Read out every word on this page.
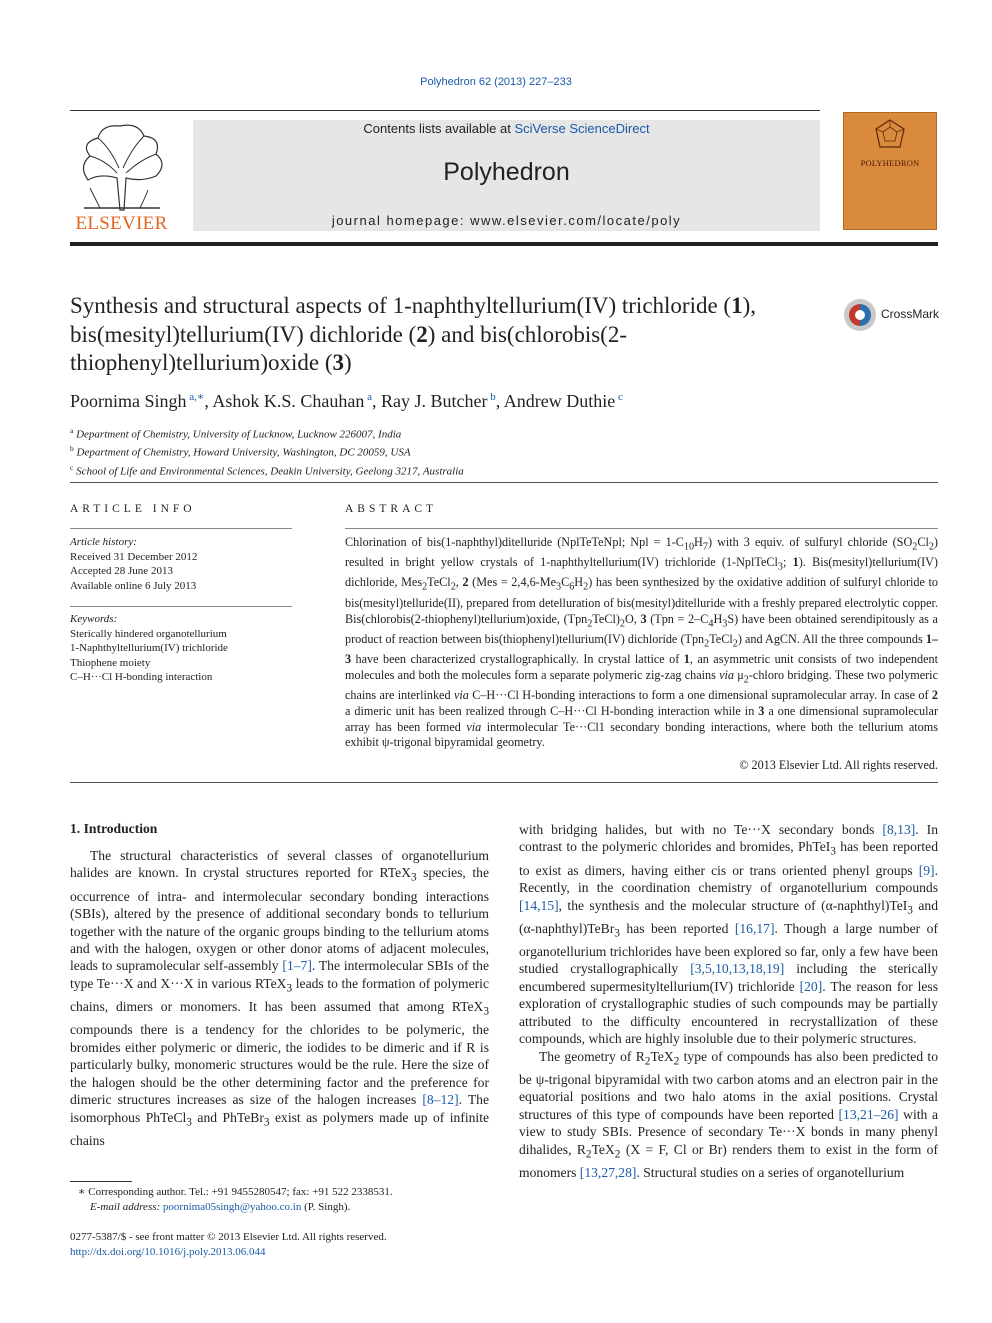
Polyhedron 62 (2013) 227–233
ELSEVIER
Contents lists available at SciVerse ScienceDirect
Polyhedron
journal homepage: www.elsevier.com/locate/poly
POLYHEDRON
Synthesis and structural aspects of 1-naphthyltellurium(IV) trichloride (1), bis(mesityl)tellurium(IV) dichloride (2) and bis(chlorobis(2-thiophenyl)tellurium)oxide (3)
CrossMark
Poornima Singh $^{a,∗}$, Ashok K.S. Chauhan $^a$, Ray J. Butcher $^b$, Andrew Duthie $^c$
$^a$ Department of Chemistry, University of Lucknow, Lucknow 226007, India
$^b$ Department of Chemistry, Howard University, Washington, DC 20059, USA
$^c$ School of Life and Environmental Sciences, Deakin University, Geelong 3217, Australia
ARTICLE INFO
Article history:
Received 31 December 2012
Accepted 28 June 2013
Available online 6 July 2013
Keywords:
Sterically hindered organotellurium
1-Naphthyltellurium(IV) trichloride
Thiophene moiety
C–H···Cl H-bonding interaction
ABSTRACT
Chlorination of bis(1-naphthyl)ditelluride (NplTeTeNpl; Npl = $1-C_{10}H_7$) with 3 equiv. of sulfuryl chloride $(SO_2Cl_2)$ resulted in bright yellow crystals of 1-naphthyltellurium(IV) trichloride (1-NplTeCl$_3$; 1). Bis(mesityl)tellurium(IV) dichloride, Mes$_2$TeCl$_2$, 2 $(Mes = 2,4,6-Me_3C_6H_2)$ has been synthesized by the oxidative addition of sulfuryl chloride to bis(mesityl)telluride(II), prepared from detelluration of bis(mesityl)ditelluride with a freshly prepared electrolytic copper. Bis(chlorobis(2-thiophenyl)tellurium)oxide, $(Tpn_2TeCl)_2O$, 3 $(Tpn = 2-C_4H_3S)$ have been obtained serendipitously as a product of reaction between bis(thiophenyl)tellurium(IV) dichloride (Tpn$_2$TeCl$_2$) and AgCN. All the three compounds 1–3 have been characterized crystallographically. In crystal lattice of 1, an asymmetric unit consists of two independent molecules and both the molecules form a separate polymeric zig-zag chains via $\mu_2$-chloro bridging. These two polymeric chains are interlinked via C–H···Cl H-bonding interactions to form a one dimensional supramolecular array. In case of 2 a dimeric unit has been realized through C–H···Cl H-bonding interaction while in 3 a one dimensional supramolecular array has been formed via intermolecular Te···Cl1 secondary bonding interactions, where both the tellurium atoms exhibit ψ-trigonal bipyramidal geometry.
© 2013 Elsevier Ltd. All rights reserved.
1. Introduction

The structural characteristics of several classes of organotellurium halides are known. In crystal structures reported for RTeX$_3$ species, the occurrence of intra- and intermolecular secondary bonding interactions (SBIs), altered by the presence of additional secondary bonds to tellurium together with the nature of the organic groups binding to the tellurium atoms and with the halogen, oxygen or other donor atoms of adjacent molecules, leads to supramolecular self-assembly [1–7]. The intermolecular SBIs of the type Te···X and X···X in various RTeX$_3$ leads to the formation of polymeric chains, dimers or monomers. It has been assumed that among RTeX$_3$ compounds there is a tendency for the chlorides to be polymeric, the bromides either polymeric or dimeric, the iodides to be dimeric and if R is particularly bulky, monomeric structures would be the rule. Here the size of the halogen should be the other determining factor and the preference for dimeric structures increases as size of the halogen increases [8–12]. The isomorphous PhTeCl$_3$ and PhTeBr$_3$ exist as polymers made up of infinite chains

with bridging halides, but with no Te···X secondary bonds [8,13]. In contrast to the polymeric chlorides and bromides, PhTeI$_3$ has been reported to exist as dimers, having either cis or trans oriented phenyl groups [9]. Recently, in the coordination chemistry of organotellurium compounds [14,15], the synthesis and the molecular structure of (α-naphthyl)TeI$_3$ and (α-naphthyl)TeBr$_3$ has been reported [16,17]. Though a large number of organotellurium trichlorides have been explored so far, only a few have been studied crystallographically [3,5,10,13,18,19] including the sterically encumbered supermesityltellurium(IV) trichloride [20]. The reason for less exploration of crystallographic studies of such compounds may be partially attributed to the difficulty encountered in recrystallization of these compounds, which are highly insoluble due to their polymeric structures.

The geometry of $R_2TeX_2$ type of compounds has also been predicted to be ψ-trigonal bipyramidal with two carbon atoms and an electron pair in the equatorial positions and two halo atoms in the axial positions. Crystal structures of this type of compounds have been reported [13,21–26] with a view to study SBIs. Presence of secondary Te···X bonds in many phenyl dihalides, $R_2TeX_2$ (X = F, Cl or Br) renders them to exist in the form of monomers [13,27,28]. Structural studies on a series of organotellurium

∗ Corresponding author. Tel.: +91 9455280547; fax: +91 522 2338531.
E-mail address: poornima05singh@yahoo.co.in (P. Singh).
0277-5387/$ - see front matter © 2013 Elsevier Ltd. All rights reserved.
http://dx.doi.org/10.1016/j.poly.2013.06.044
